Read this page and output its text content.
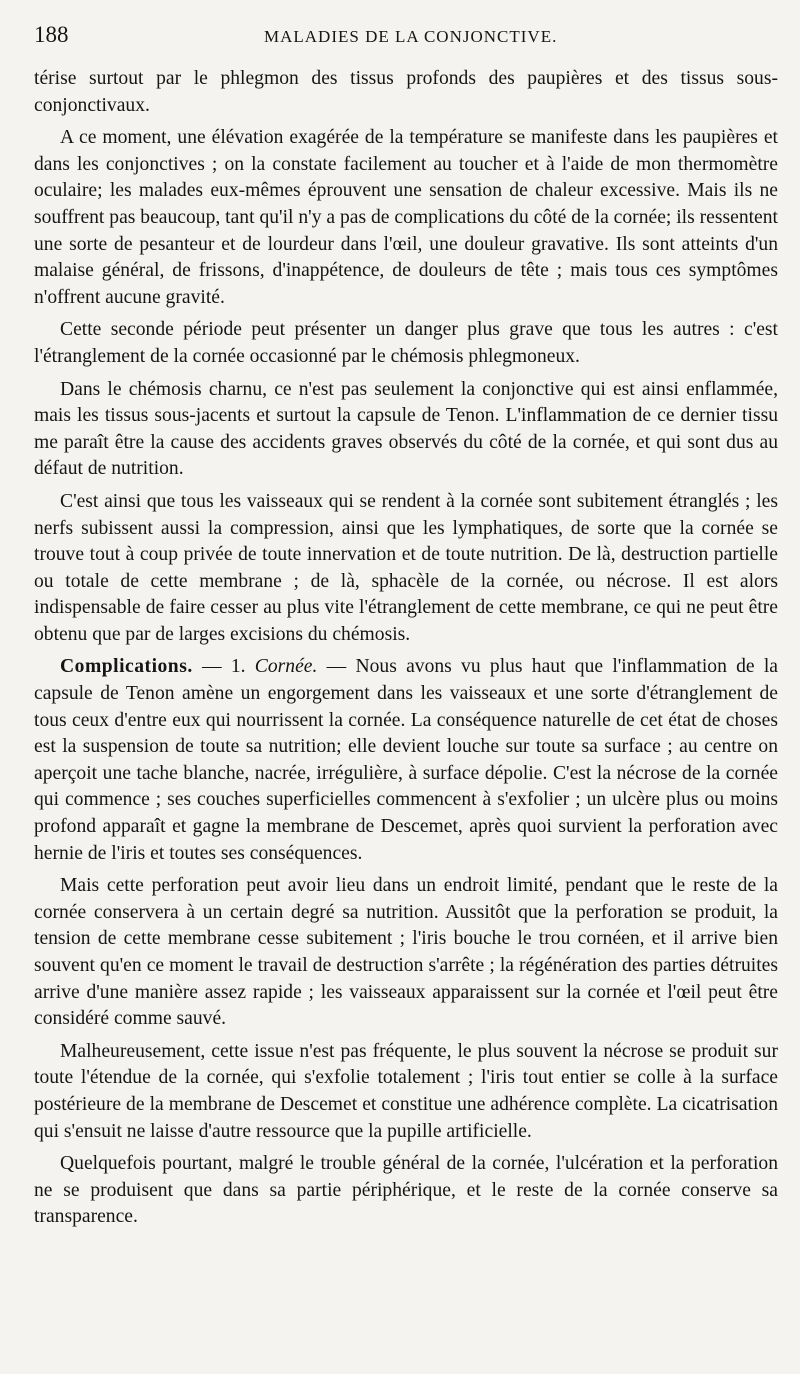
188	MALADIES DE LA CONJONCTIVE.

térise surtout par le phlegmon des tissus profonds des paupières et des tissus sous-conjonctivaux.

A ce moment, une élévation exagérée de la température se manifeste dans les paupières et dans les conjonctives ; on la constate facilement au toucher et à l'aide de mon thermomètre oculaire; les malades eux-mêmes éprouvent une sensation de chaleur excessive. Mais ils ne souffrent pas beaucoup, tant qu'il n'y a pas de complications du côté de la cornée; ils ressentent une sorte de pesanteur et de lourdeur dans l'œil, une douleur gravative. Ils sont atteints d'un malaise général, de frissons, d'inappétence, de douleurs de tête ; mais tous ces symptômes n'offrent aucune gravité.

Cette seconde période peut présenter un danger plus grave que tous les autres : c'est l'étranglement de la cornée occasionné par le chémosis phlegmoneux.

Dans le chémosis charnu, ce n'est pas seulement la conjonctive qui est ainsi enflammée, mais les tissus sous-jacents et surtout la capsule de Tenon. L'inflammation de ce dernier tissu me paraît être la cause des accidents graves observés du côté de la cornée, et qui sont dus au défaut de nutrition.

C'est ainsi que tous les vaisseaux qui se rendent à la cornée sont subitement étranglés ; les nerfs subissent aussi la compression, ainsi que les lymphatiques, de sorte que la cornée se trouve tout à coup privée de toute innervation et de toute nutrition. De là, destruction partielle ou totale de cette membrane ; de là, sphacèle de la cornée, ou nécrose. Il est alors indispensable de faire cesser au plus vite l'étranglement de cette membrane, ce qui ne peut être obtenu que par de larges excisions du chémosis.

Complications. — 1. Cornée. — Nous avons vu plus haut que l'inflammation de la capsule de Tenon amène un engorgement dans les vaisseaux et une sorte d'étranglement de tous ceux d'entre eux qui nourrissent la cornée. La conséquence naturelle de cet état de choses est la suspension de toute sa nutrition; elle devient louche sur toute sa surface ; au centre on aperçoit une tache blanche, nacrée, irrégulière, à surface dépolie. C'est la nécrose de la cornée qui commence ; ses couches superficielles commencent à s'exfolier ; un ulcère plus ou moins profond apparaît et gagne la membrane de Descemet, après quoi survient la perforation avec hernie de l'iris et toutes ses conséquences.

Mais cette perforation peut avoir lieu dans un endroit limité, pendant que le reste de la cornée conservera à un certain degré sa nutrition. Aussitôt que la perforation se produit, la tension de cette membrane cesse subitement ; l'iris bouche le trou cornéen, et il arrive bien souvent qu'en ce moment le travail de destruction s'arrête ; la régénération des parties détruites arrive d'une manière assez rapide ; les vaisseaux apparaissent sur la cornée et l'œil peut être considéré comme sauvé.

Malheureusement, cette issue n'est pas fréquente, le plus souvent la nécrose se produit sur toute l'étendue de la cornée, qui s'exfolie totalement ; l'iris tout entier se colle à la surface postérieure de la membrane de Descemet et constitue une adhérence complète. La cicatrisation qui s'ensuit ne laisse d'autre ressource que la pupille artificielle.

Quelquefois pourtant, malgré le trouble général de la cornée, l'ulcération et la perforation ne se produisent que dans sa partie périphérique, et le reste de la cornée conserve sa transparence.
